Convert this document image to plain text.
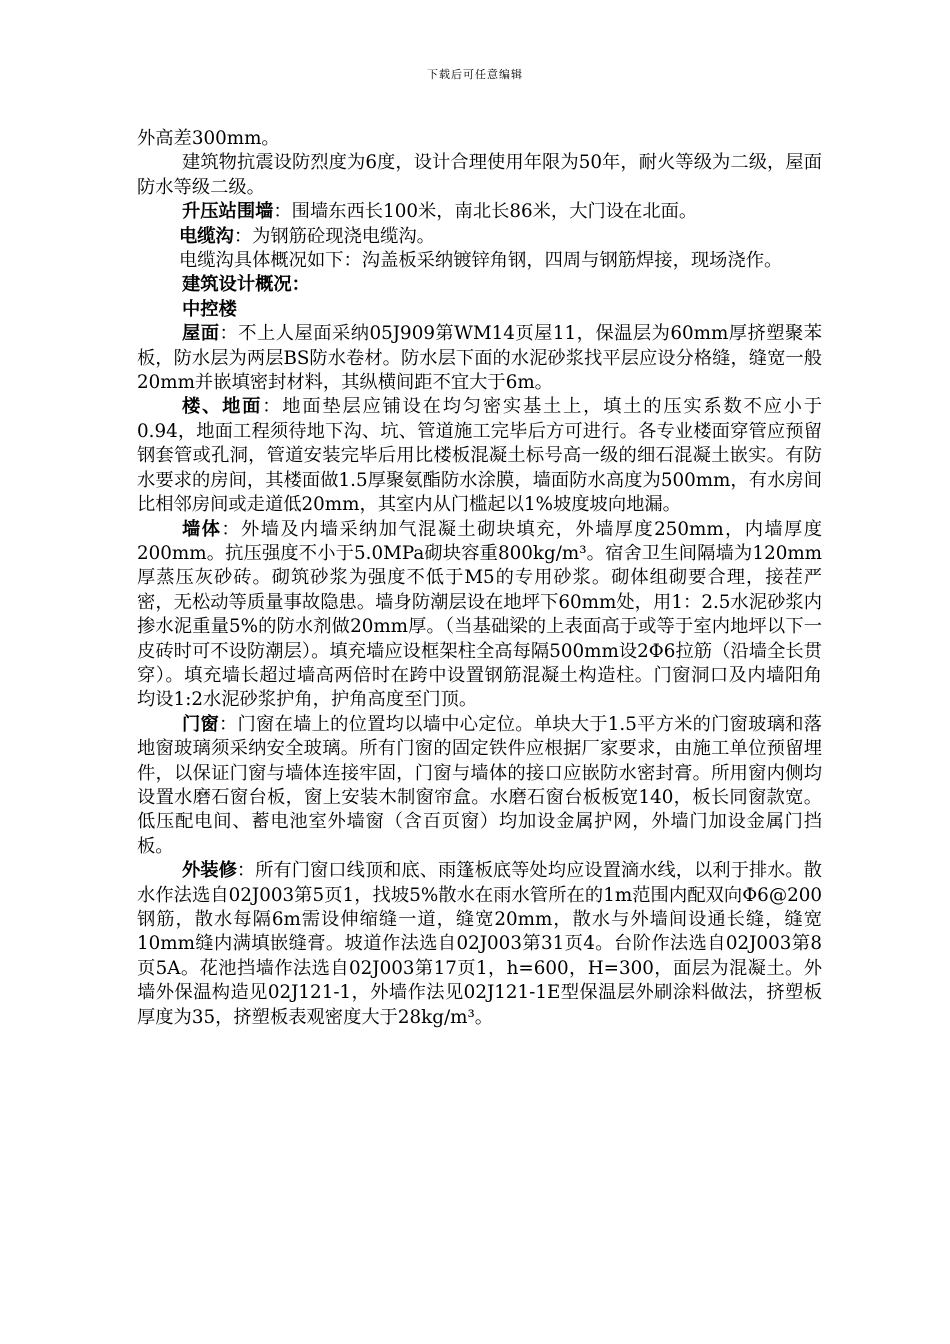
下载后可任意编辑

外高差300mm。

建筑物抗震设防烈度为6度，设计合理使用年限为50年，耐火等级为二级，屋面防水等级二级。

升压站围墙：围墙东西长100米，南北长86米，大门设在北面。

电缆沟：为钢筋砼现浇电缆沟。

电缆沟具体概况如下：沟盖板采纳镀锌角钢，四周与钢筋焊接，现场浇作。

建筑设计概况：

中控楼

屋面：不上人屋面采纳05J909第WM14页屋11，保温层为60mm厚挤塑聚苯板，防水层为两层BS防水卷材。防水层下面的水泥砂浆找平层应设分格缝，缝宽一般20mm并嵌填密封材料，其纵横间距不宜大于6m。

楼、地面：地面垫层应铺设在均匀密实基土上，填土的压实系数不应小于0.94，地面工程须待地下沟、坑、管道施工完毕后方可进行。各专业楼面穿管应预留钢套管或孔洞，管道安装完毕后用比楼板混凝土标号高一级的细石混凝土嵌实。有防水要求的房间，其楼面做1.5厚聚氨酯防水涂膜，墙面防水高度为500mm，有水房间比相邻房间或走道低20mm，其室内从门槛起以1%坡度坡向地漏。

墙体：外墙及内墙采纳加气混凝土砌块填充，外墙厚度250mm，内墙厚度200mm。抗压强度不小于5.0MPa砌块容重800kg/m³。宿舍卫生间隔墙为120mm厚蒸压灰砂砖。砌筑砂浆为强度不低于M5的专用砂浆。砌体组砌要合理，接茬严密，无松动等质量事故隐患。墙身防潮层设在地坪下60mm处，用1：2.5水泥砂浆内掺水泥重量5%的防水剂做20mm厚。（当基础梁的上表面高于或等于室内地坪以下一皮砖时可不设防潮层）。填充墙应设框架柱全高每隔500mm设2Φ6拉筋（沿墙全长贯穿）。填充墙长超过墙高两倍时在跨中设置钢筋混凝土构造柱。门窗洞口及内墙阳角均设1:2水泥砂浆护角，护角高度至门顶。

门窗：门窗在墙上的位置均以墙中心定位。单块大于1.5平方米的门窗玻璃和落地窗玻璃须采纳安全玻璃。所有门窗的固定铁件应根据厂家要求，由施工单位预留埋件，以保证门窗与墙体连接牢固，门窗与墙体的接口应嵌防水密封膏。所用窗内侧均设置水磨石窗台板，窗上安装木制窗帘盒。水磨石窗台板板宽140，板长同窗款宽。低压配电间、蓄电池室外墙窗（含百页窗）均加设金属护网，外墙门加设金属门挡板。

外装修：所有门窗口线顶和底、雨篷板底等处均应设置滴水线，以利于排水。散水作法选自02J003第5页1，找坡5%散水在雨水管所在的1m范围内配双向Φ6@200钢筋，散水每隔6m需设伸缩缝一道，缝宽20mm，散水与外墙间设通长缝，缝宽10mm缝内满填嵌缝膏。坡道作法选自02J003第31页4。台阶作法选自02J003第8页5A。花池挡墙作法选自02J003第17页1，h=600，H=300，面层为混凝土。外墙外保温构造见02J121-1，外墙作法见02J121-1E型保温层外刷涂料做法，挤塑板厚度为35，挤塑板表观密度大于28kg/m³。
